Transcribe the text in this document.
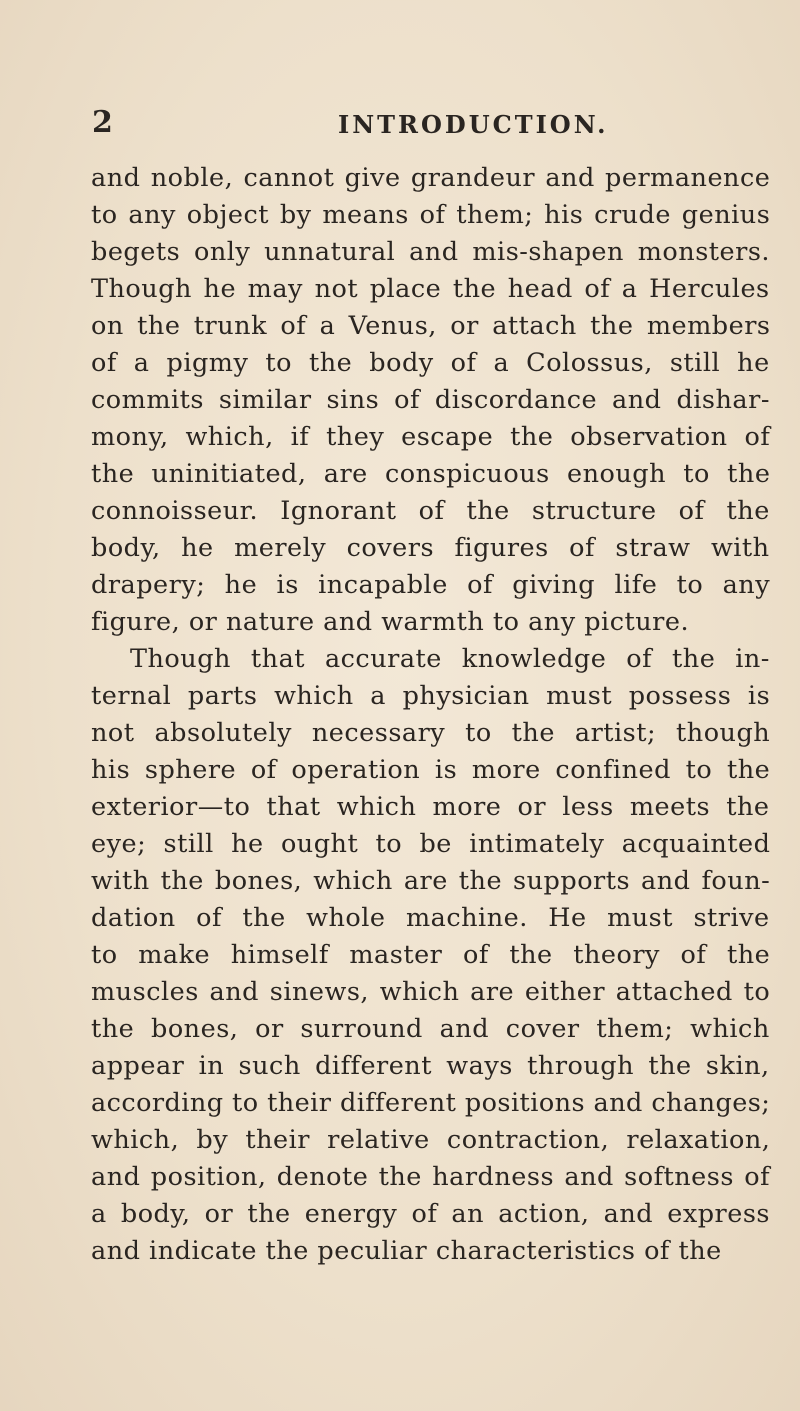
2	INTRODUCTION.
and noble, cannot give grandeur and permanence
to any object by means of them; his crude genius
begets only unnatural and mis-shapen monsters.
Though he may not place the head of a Hercules
on the trunk of a Venus, or attach the members
of a pigmy to the body of a Colossus, still he
commits similar sins of discordance and dishar-
mony, which, if they escape the observation of
the uninitiated, are conspicuous enough to the
connoisseur. Ignorant of the structure of the
body, he merely covers figures of straw with
drapery; he is incapable of giving life to any
figure, or nature and warmth to any picture.
Though that accurate knowledge of the in-
ternal parts which a physician must possess is
not absolutely necessary to the artist; though
his sphere of operation is more confined to the
exterior—to that which more or less meets the
eye; still he ought to be intimately acquainted
with the bones, which are the supports and foun-
dation of the whole machine. He must strive
to make himself master of the theory of the
muscles and sinews, which are either attached to
the bones, or surround and cover them; which
appear in such different ways through the skin,
according to their different positions and changes;
which, by their relative contraction, relaxation,
and position, denote the hardness and softness of
a body, or the energy of an action, and express
and indicate the peculiar characteristics of the
